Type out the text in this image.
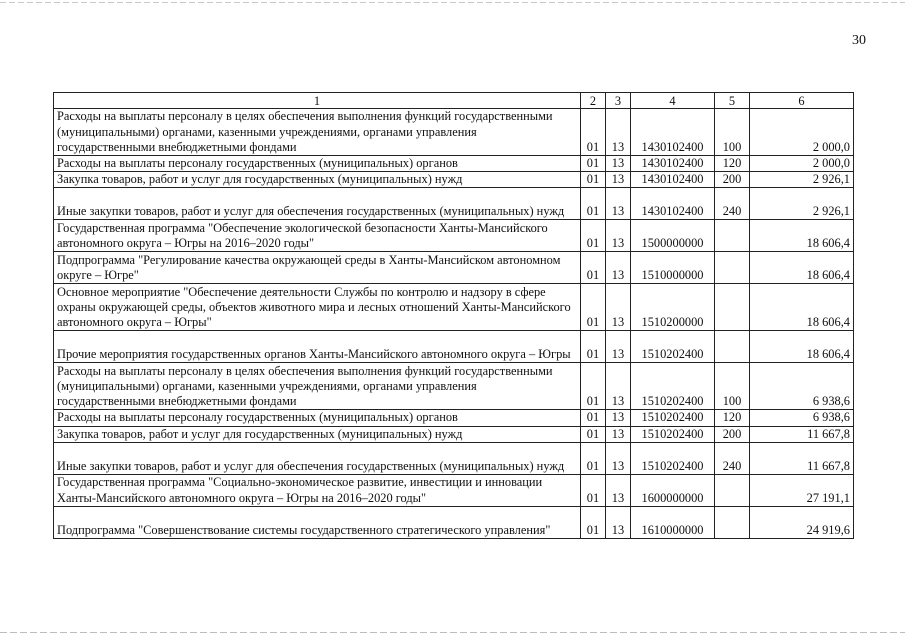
30
1	2	3	4	5	6
Расходы на выплаты персоналу в целях обеспечения выполнения функций государственными (муниципальными) органами, казенными учреждениями, органами управления государственными внебюджетными фондами	01	13	1430102400	100	2 000,0
Расходы на выплаты персоналу государственных (муниципальных) органов	01	13	1430102400	120	2 000,0
Закупка товаров, работ и услуг для государственных (муниципальных) нужд	01	13	1430102400	200	2 926,1
Иные закупки товаров, работ и услуг для обеспечения государственных (муниципальных) нужд	01	13	1430102400	240	2 926,1
Государственная программа "Обеспечение экологической безопасности Ханты-Мансийского автономного округа – Югры на 2016–2020 годы"	01	13	1500000000		18 606,4
Подпрограмма "Регулирование качества окружающей среды в Ханты-Мансийском автономном округе – Югре"	01	13	1510000000		18 606,4
Основное мероприятие "Обеспечение деятельности Службы по контролю и надзору в сфере охраны окружающей среды, объектов животного мира и лесных отношений Ханты-Мансийского автономного округа – Югры"	01	13	1510200000		18 606,4
Прочие мероприятия государственных органов Ханты-Мансийского автономного округа – Югры	01	13	1510202400		18 606,4
Расходы на выплаты персоналу в целях обеспечения выполнения функций государственными (муниципальными) органами, казенными учреждениями, органами управления государственными внебюджетными фондами	01	13	1510202400	100	6 938,6
Расходы на выплаты персоналу государственных (муниципальных) органов	01	13	1510202400	120	6 938,6
Закупка товаров, работ и услуг для государственных (муниципальных) нужд	01	13	1510202400	200	11 667,8
Иные закупки товаров, работ и услуг для обеспечения государственных (муниципальных) нужд	01	13	1510202400	240	11 667,8
Государственная программа "Социально-экономическое развитие, инвестиции и инновации Ханты-Мансийского автономного округа – Югры на 2016–2020 годы"	01	13	1600000000		27 191,1
Подпрограмма "Совершенствование системы государственного стратегического управления"	01	13	1610000000		24 919,6
